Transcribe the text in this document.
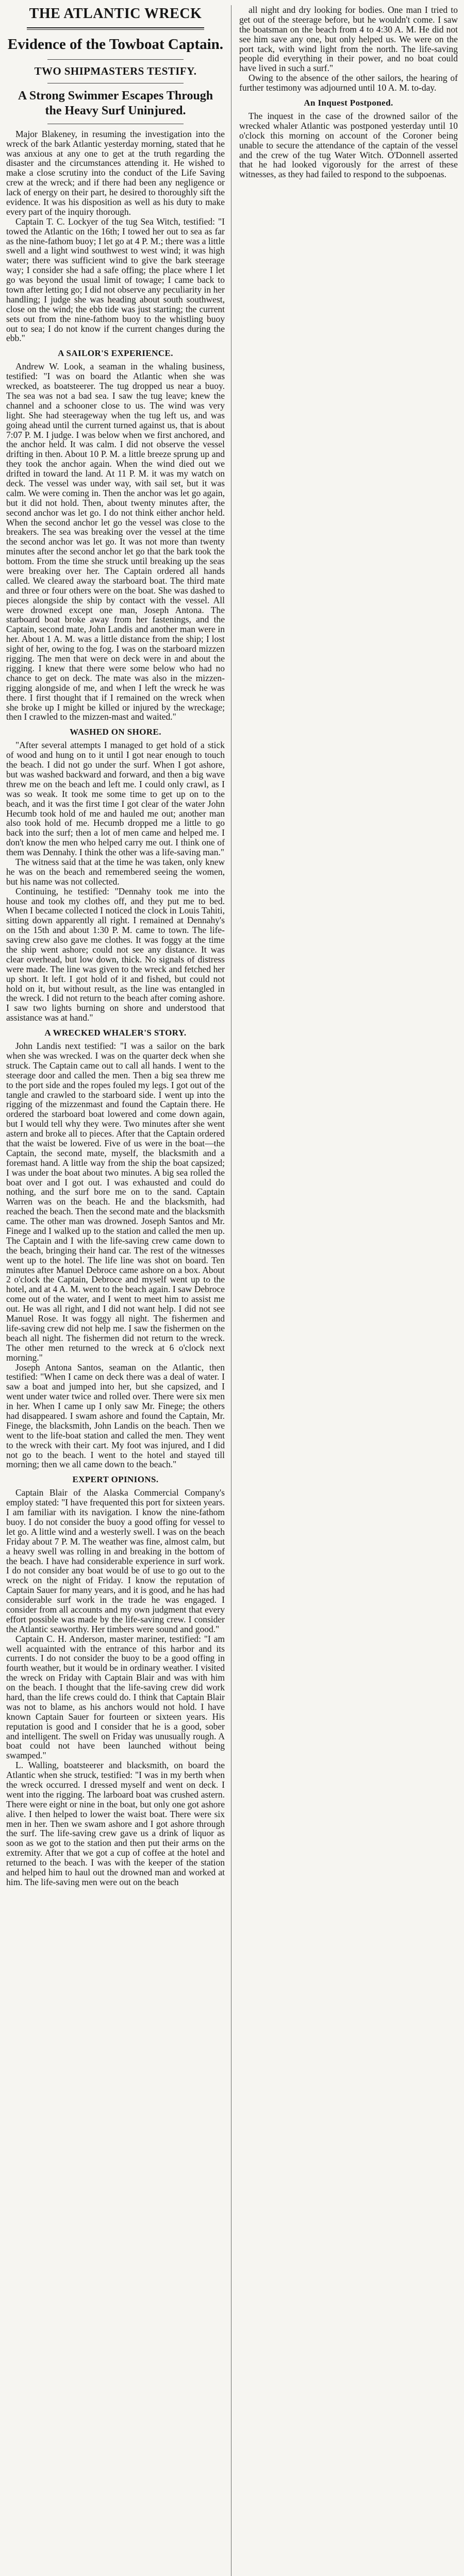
THE ATLANTIC WRECK
Evidence of the Towboat Captain.
TWO SHIPMASTERS TESTIFY.
A Strong Swimmer Escapes Through the Heavy Surf Uninjured.

Major Blakeney, in resuming the investigation into the wreck of the bark Atlantic yesterday morning, stated that he was anxious at any one to get at the truth regarding the disaster and the circumstances attending it. He wished to make a close scrutiny into the conduct of the Life Saving crew at the wreck; and if there had been any negligence or lack of energy on their part, he desired to thoroughly sift the evidence. It was his disposition as well as his duty to make every part of the inquiry thorough.

Captain T. C. Lockyer of the tug Sea Witch, testified: "I towed the Atlantic on the 16th; I towed her out to sea as far as the nine-fathom buoy; I let go at 4 P. M.; there was a little swell and a light wind southwest to west wind; it was high water; there was sufficient wind to give the bark steerage way; I consider she had a safe offing; the place where I let go was beyond the usual limit of towage; I came back to town after letting go; I did not observe any peculiarity in her handling; I judge she was heading about south southwest, close on the wind; the ebb tide was just starting; the current sets out from the nine-fathom buoy to the whistling buoy out to sea; I do not know if the current changes during the ebb."

A SAILOR'S EXPERIENCE.

Andrew W. Look, a seaman in the whaling business, testified: "I was on board the Atlantic when she was wrecked, as boatsteerer. The tug dropped us near a buoy. The sea was not a bad sea. I saw the tug leave; knew the channel and a schooner close to us. The wind was very light. She had steerageway when the tug left us, and was going ahead until the current turned against us, that is about 7:07 P. M. I judge. I was below when we first anchored, and the anchor held. It was calm. I did not observe the vessel drifting in then. About 10 P. M. a little breeze sprung up and they took the anchor again. When the wind died out we drifted in toward the land. At 11 P. M. it was my watch on deck. The vessel was under way, with sail set, but it was calm. We were coming in. Then the anchor was let go again, but it did not hold. Then, about twenty minutes after, the second anchor was let go. I do not think either anchor held. When the second anchor let go the vessel was close to the breakers. The sea was breaking over the vessel at the time the second anchor was let go. It was not more than twenty minutes after the second anchor let go that the bark took the bottom. From the time she struck until breaking up the seas were breaking over her. The Captain ordered all hands called. We cleared away the starboard boat. The third mate and three or four others were on the boat. She was dashed to pieces alongside the ship by contact with the vessel. All were drowned except one man, Joseph Antona. The starboard boat broke away from her fastenings, and the Captain, second mate, John Landis and another man were in her. About 1 A. M. was a little distance from the ship; I lost sight of her, owing to the fog. I was on the starboard mizzen rigging. The men that were on deck were in and about the rigging. I knew that there were some below who had no chance to get on deck. The mate was also in the mizzen-rigging alongside of me, and when I left the wreck he was there. I first thought that if I remained on the wreck when she broke up I might be killed or injured by the wreckage; then I crawled to the mizzen-mast and waited."

WASHED ON SHORE.

"After several attempts I managed to get hold of a stick of wood and hung on to it until I got near enough to touch the beach. I did not go under the surf. When I got ashore, but was washed backward and forward, and then a big wave threw me on the beach and left me. I could only crawl, as I was so weak. It took me some time to get up on to the beach, and it was the first time I got clear of the water John Hecumb took hold of me and hauled me out; another man also took hold of me. Hecumb dropped me a little to go back into the surf; then a lot of men came and helped me. I don't know the men who helped carry me out. I think one of them was Dennahy. I think the other was a life-saving man."

The witness said that at the time he was taken, only knew he was on the beach and remembered seeing the women, but his name was not collected.

Continuing, he testified: "Dennahy took me into the house and took my clothes off, and they put me to bed. When I became collected I noticed the clock in Louis Tahiti, sitting down apparently all right. I remained at Dennahy's on the 15th and about 1:30 P. M. came to town. The life-saving crew also gave me clothes. It was foggy at the time the ship went ashore; could not see any distance. It was clear overhead, but low down, thick. No signals of distress were made. The line was given to the wreck and fetched her up short. It left. I got hold of it and fished, but could not hold on it, but without result, as the line was entangled in the wreck. I did not return to the beach after coming ashore. I saw two lights burning on shore and understood that assistance was at hand."

A WRECKED WHALER'S STORY.

John Landis next testified: "I was a sailor on the bark when she was wrecked. I was on the quarter deck when she struck. The Captain came out to call all hands. I went to the steerage door and called the men. Then a big sea threw me to the port side and the ropes fouled my legs. I got out of the tangle and crawled to the starboard side. I went up into the rigging of the mizzenmast and found the Captain there. He ordered the starboard boat lowered and come down again, but I would tell why they were. Two minutes after she went astern and broke all to pieces. After that the Captain ordered that the waist be lowered. Five of us were in the boat—the Captain, the second mate, myself, the blacksmith and a foremast hand. A little way from the ship the boat capsized; I was under the boat about two minutes. A big sea rolled the boat over and I got out. I was exhausted and could do nothing, and the surf bore me on to the sand. Captain Warren was on the beach. He and the blacksmith, had reached the beach. Then the second mate and the blacksmith came. The other man was drowned. Joseph Santos and Mr. Finege and I walked up to the station and called the men up. The Captain and I with the life-saving crew came down to the beach, bringing their hand car. The rest of the witnesses went up to the hotel. The life line was shot on board. Ten minutes after Manuel Debroce came ashore on a box. About 2 o'clock the Captain, Debroce and myself went up to the hotel, and at 4 A. M. went to the beach again. I saw Debroce come out of the water, and I went to meet him to assist me out. He was all right, and I did not want help. I did not see Manuel Rose. It was foggy all night. The fishermen and life-saving crew did not help me. I saw the fishermen on the beach all night. The fishermen did not return to the wreck. The other men returned to the wreck at 6 o'clock next morning."

Joseph Antona Santos, seaman on the Atlantic, then testified: "When I came on deck there was a deal of water. I saw a boat and jumped into her, but she capsized, and I went under water twice and rolled over. There were six men in her. When I came up I only saw Mr. Finege; the others had disappeared. I swam ashore and found the Captain, Mr. Finege, the blacksmith, John Landis on the beach. Then we went to the life-boat station and called the men. They went to the wreck with their cart. My foot was injured, and I did not go to the beach. I went to the hotel and stayed till morning; then we all came down to the beach."

EXPERT OPINIONS.

Captain Blair of the Alaska Commercial Company's employ stated: "I have frequented this port for sixteen years. I am familiar with its navigation. I know the nine-fathom buoy. I do not consider the buoy a good offing for vessel to let go. A little wind and a westerly swell. I was on the beach Friday about 7 P. M. The weather was fine, almost calm, but a heavy swell was rolling in and breaking in the bottom of the beach. I have had considerable experience in surf work. I do not consider any boat would be of use to go out to the wreck on the night of Friday. I know the reputation of Captain Sauer for many years, and it is good, and he has had considerable surf work in the trade he was engaged. I consider from all accounts and my own judgment that every effort possible was made by the life-saving crew. I consider the Atlantic seaworthy. Her timbers were sound and good."

Captain C. H. Anderson, master mariner, testified: "I am well acquainted with the entrance of this harbor and its currents. I do not consider the buoy to be a good offing in fourth weather, but it would be in ordinary weather. I visited the wreck on Friday with Captain Blair and was with him on the beach. I thought that the life-saving crew did work hard, than the life crews could do. I think that Captain Blair was not to blame, as his anchors would not hold. I have known Captain Sauer for fourteen or sixteen years. His reputation is good and I consider that he is a good, sober and intelligent. The swell on Friday was unusually rough. A boat could not have been launched without being swamped."

L. Walling, boatsteerer and blacksmith, on board the Atlantic when she struck, testified: "I was in my berth when the wreck occurred. I dressed myself and went on deck. I went into the rigging. The larboard boat was crushed astern. There were eight or nine in the boat, but only one got ashore alive. I then helped to lower the waist boat. There were six men in her. Then we swam ashore and I got ashore through the surf. The life-saving crew gave us a drink of liquor as soon as we got to the station and then put their arms on the extremity. After that we got a cup of coffee at the hotel and returned to the beach. I was with the keeper of the station and helped him to haul out the drowned man and worked at him. The life-saving men were out on the beach

all night and dry looking for bodies. One man I tried to get out of the steerage before, but he wouldn't come. I saw the boatsman on the beach from 4 to 4:30 A. M. He did not see him save any one, but only helped us. We were on the port tack, with wind light from the north. The life-saving people did everything in their power, and no boat could have lived in such a surf."

Owing to the absence of the other sailors, the hearing of further testimony was adjourned until 10 A. M. to-day.

An Inquest Postponed.

The inquest in the case of the drowned sailor of the wrecked whaler Atlantic was postponed yesterday until 10 o'clock this morning on account of the Coroner being unable to secure the attendance of the captain of the vessel and the crew of the tug Water Witch. O'Donnell asserted that he had looked vigorously for the arrest of these witnesses, as they had failed to respond to the subpoenas.
